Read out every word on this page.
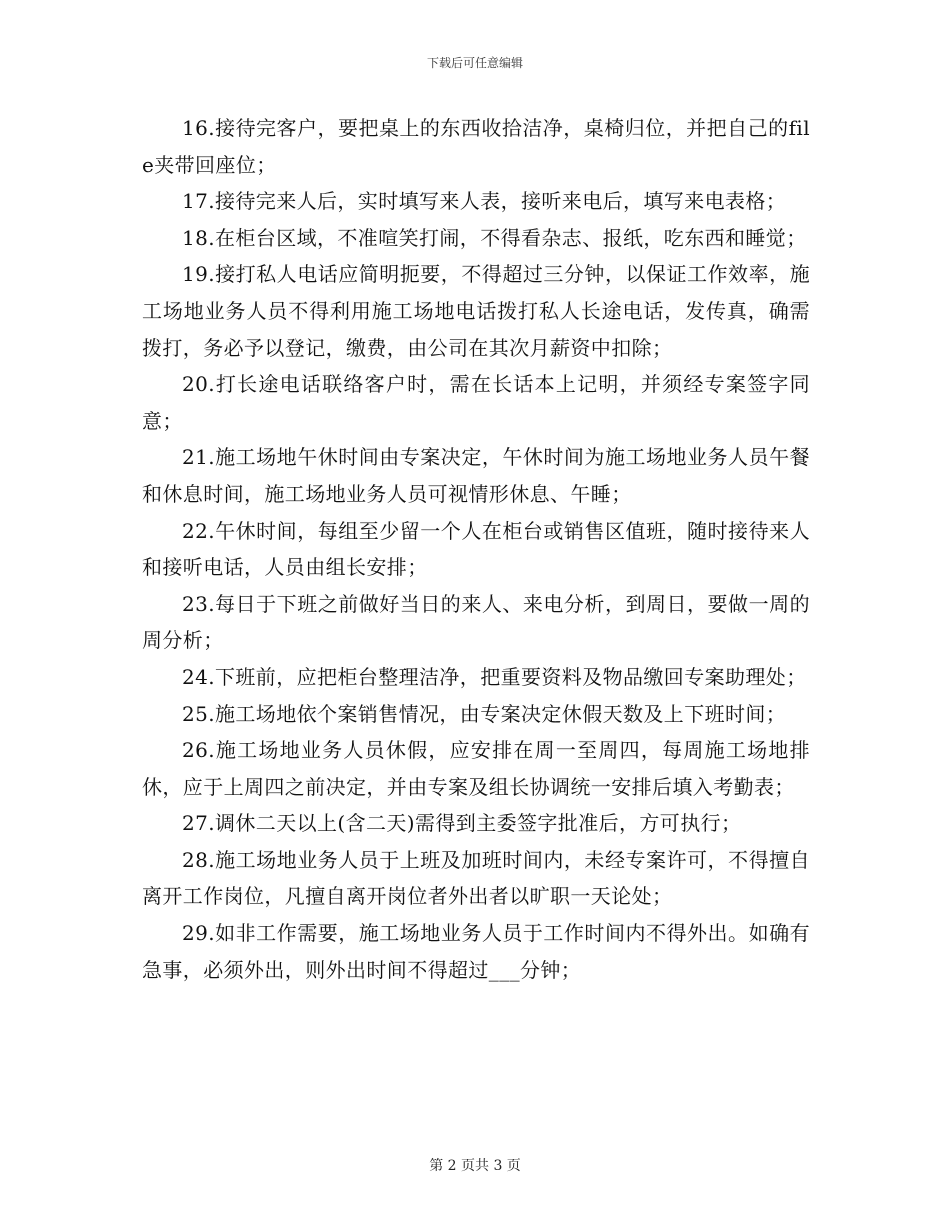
下载后可任意编辑

16.接待完客户，要把桌上的东西收拾洁净，桌椅归位，并把自己的file夹带回座位；

17.接待完来人后，实时填写来人表，接听来电后，填写来电表格；

18.在柜台区域，不准喧笑打闹，不得看杂志、报纸，吃东西和睡觉；

19.接打私人电话应简明扼要，不得超过三分钟，以保证工作效率，施工场地业务人员不得利用施工场地电话拨打私人长途电话，发传真，确需拨打，务必予以登记，缴费，由公司在其次月薪资中扣除；

20.打长途电话联络客户时，需在长话本上记明，并须经专案签字同意；

21.施工场地午休时间由专案决定，午休时间为施工场地业务人员午餐和休息时间，施工场地业务人员可视情形休息、午睡；

22.午休时间，每组至少留一个人在柜台或销售区值班，随时接待来人和接听电话，人员由组长安排；

23.每日于下班之前做好当日的来人、来电分析，到周日，要做一周的周分析；

24.下班前，应把柜台整理洁净，把重要资料及物品缴回专案助理处；

25.施工场地依个案销售情况，由专案决定休假天数及上下班时间；

26.施工场地业务人员休假，应安排在周一至周四，每周施工场地排休，应于上周四之前决定，并由专案及组长协调统一安排后填入考勤表；

27.调休二天以上(含二天)需得到主委签字批准后，方可执行；

28.施工场地业务人员于上班及加班时间内，未经专案许可，不得擅自离开工作岗位，凡擅自离开岗位者外出者以旷职一天论处；

29.如非工作需要，施工场地业务人员于工作时间内不得外出。如确有急事，必须外出，则外出时间不得超过___分钟；

第 2 页共 3 页
